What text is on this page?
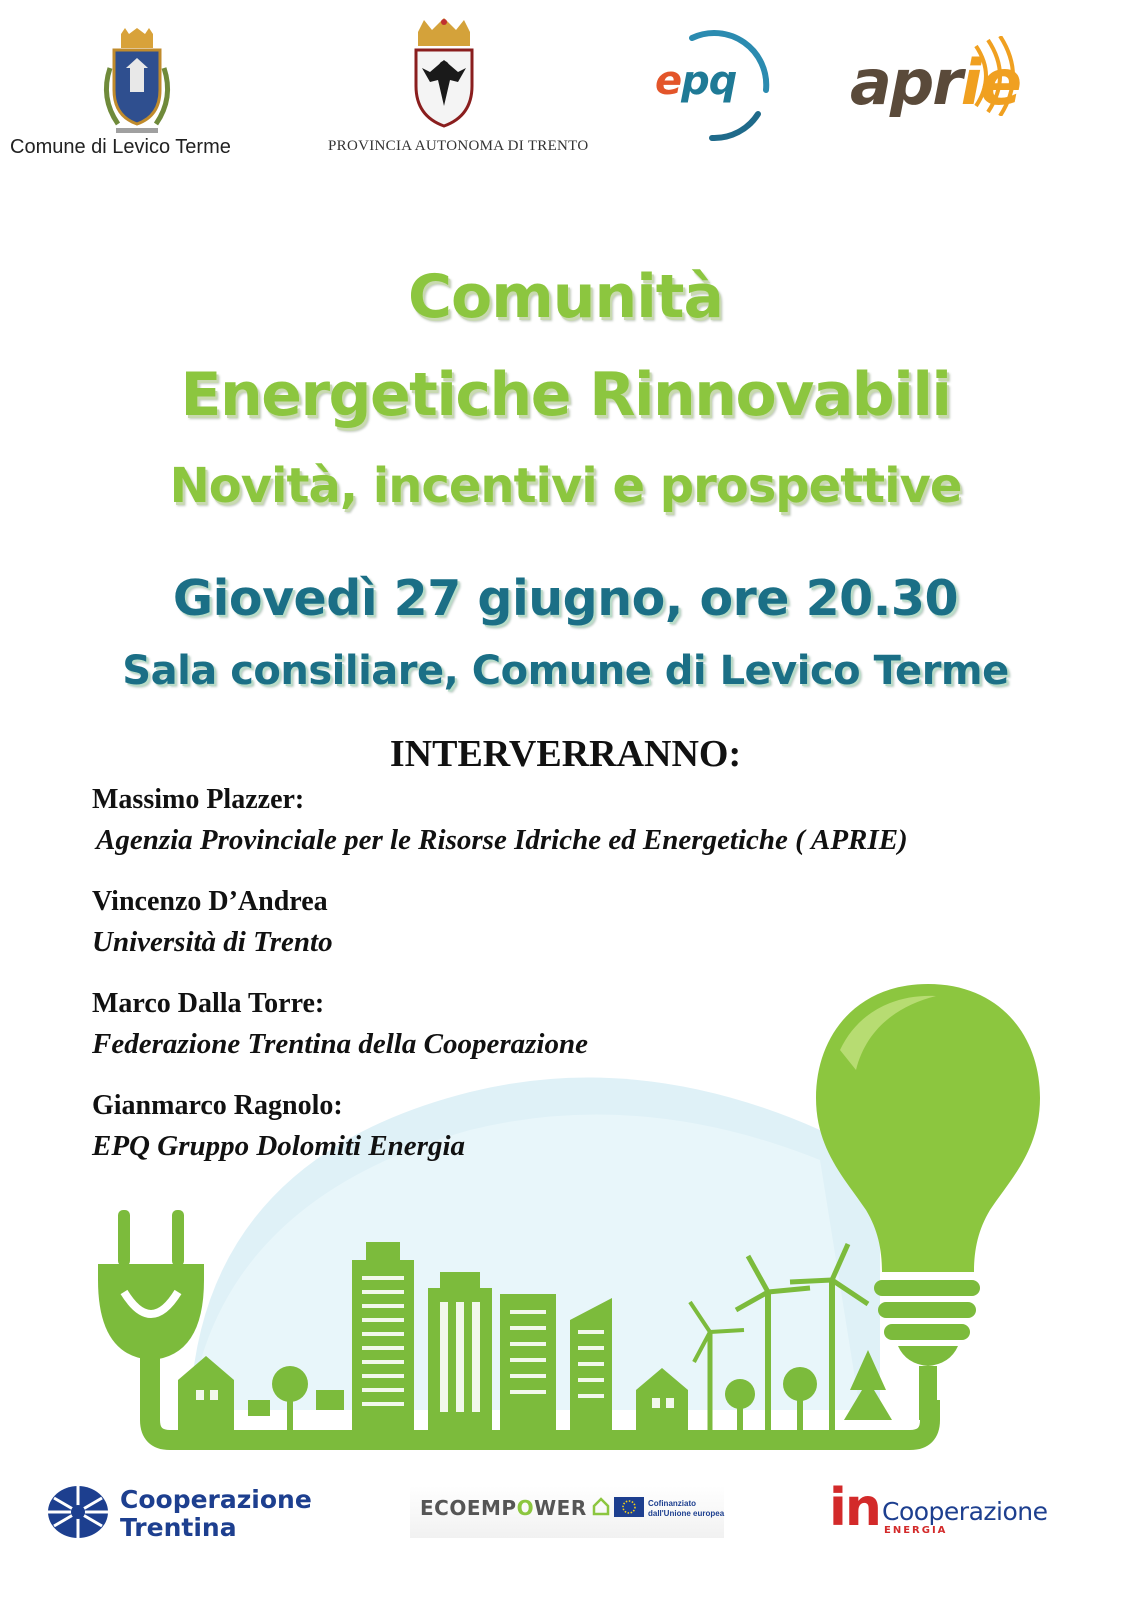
Comune di Levico Terme	PROVINCIA AUTONOMA DI TRENTO
epq aprie
Comunità
Energetiche Rinnovabili
Novità, incentivi e prospettive
Giovedì 27 giugno, ore 20.30
Sala consiliare, Comune di Levico Terme
INTERVERRANNO:
Massimo Plazzer:
Agenzia Provinciale per le Risorse Idriche ed Energetiche ( APRIE)
Vincenzo D’Andrea
Università di Trento
Marco Dalla Torre:
Federazione Trentina della Cooperazione
Gianmarco Ragnolo:
EPQ Gruppo Dolomiti Energia
Cooperazione
Trentina
ECOEMPOWER	Cofinanziato
dall'Unione europea in Cooperazione
ENERGIA
